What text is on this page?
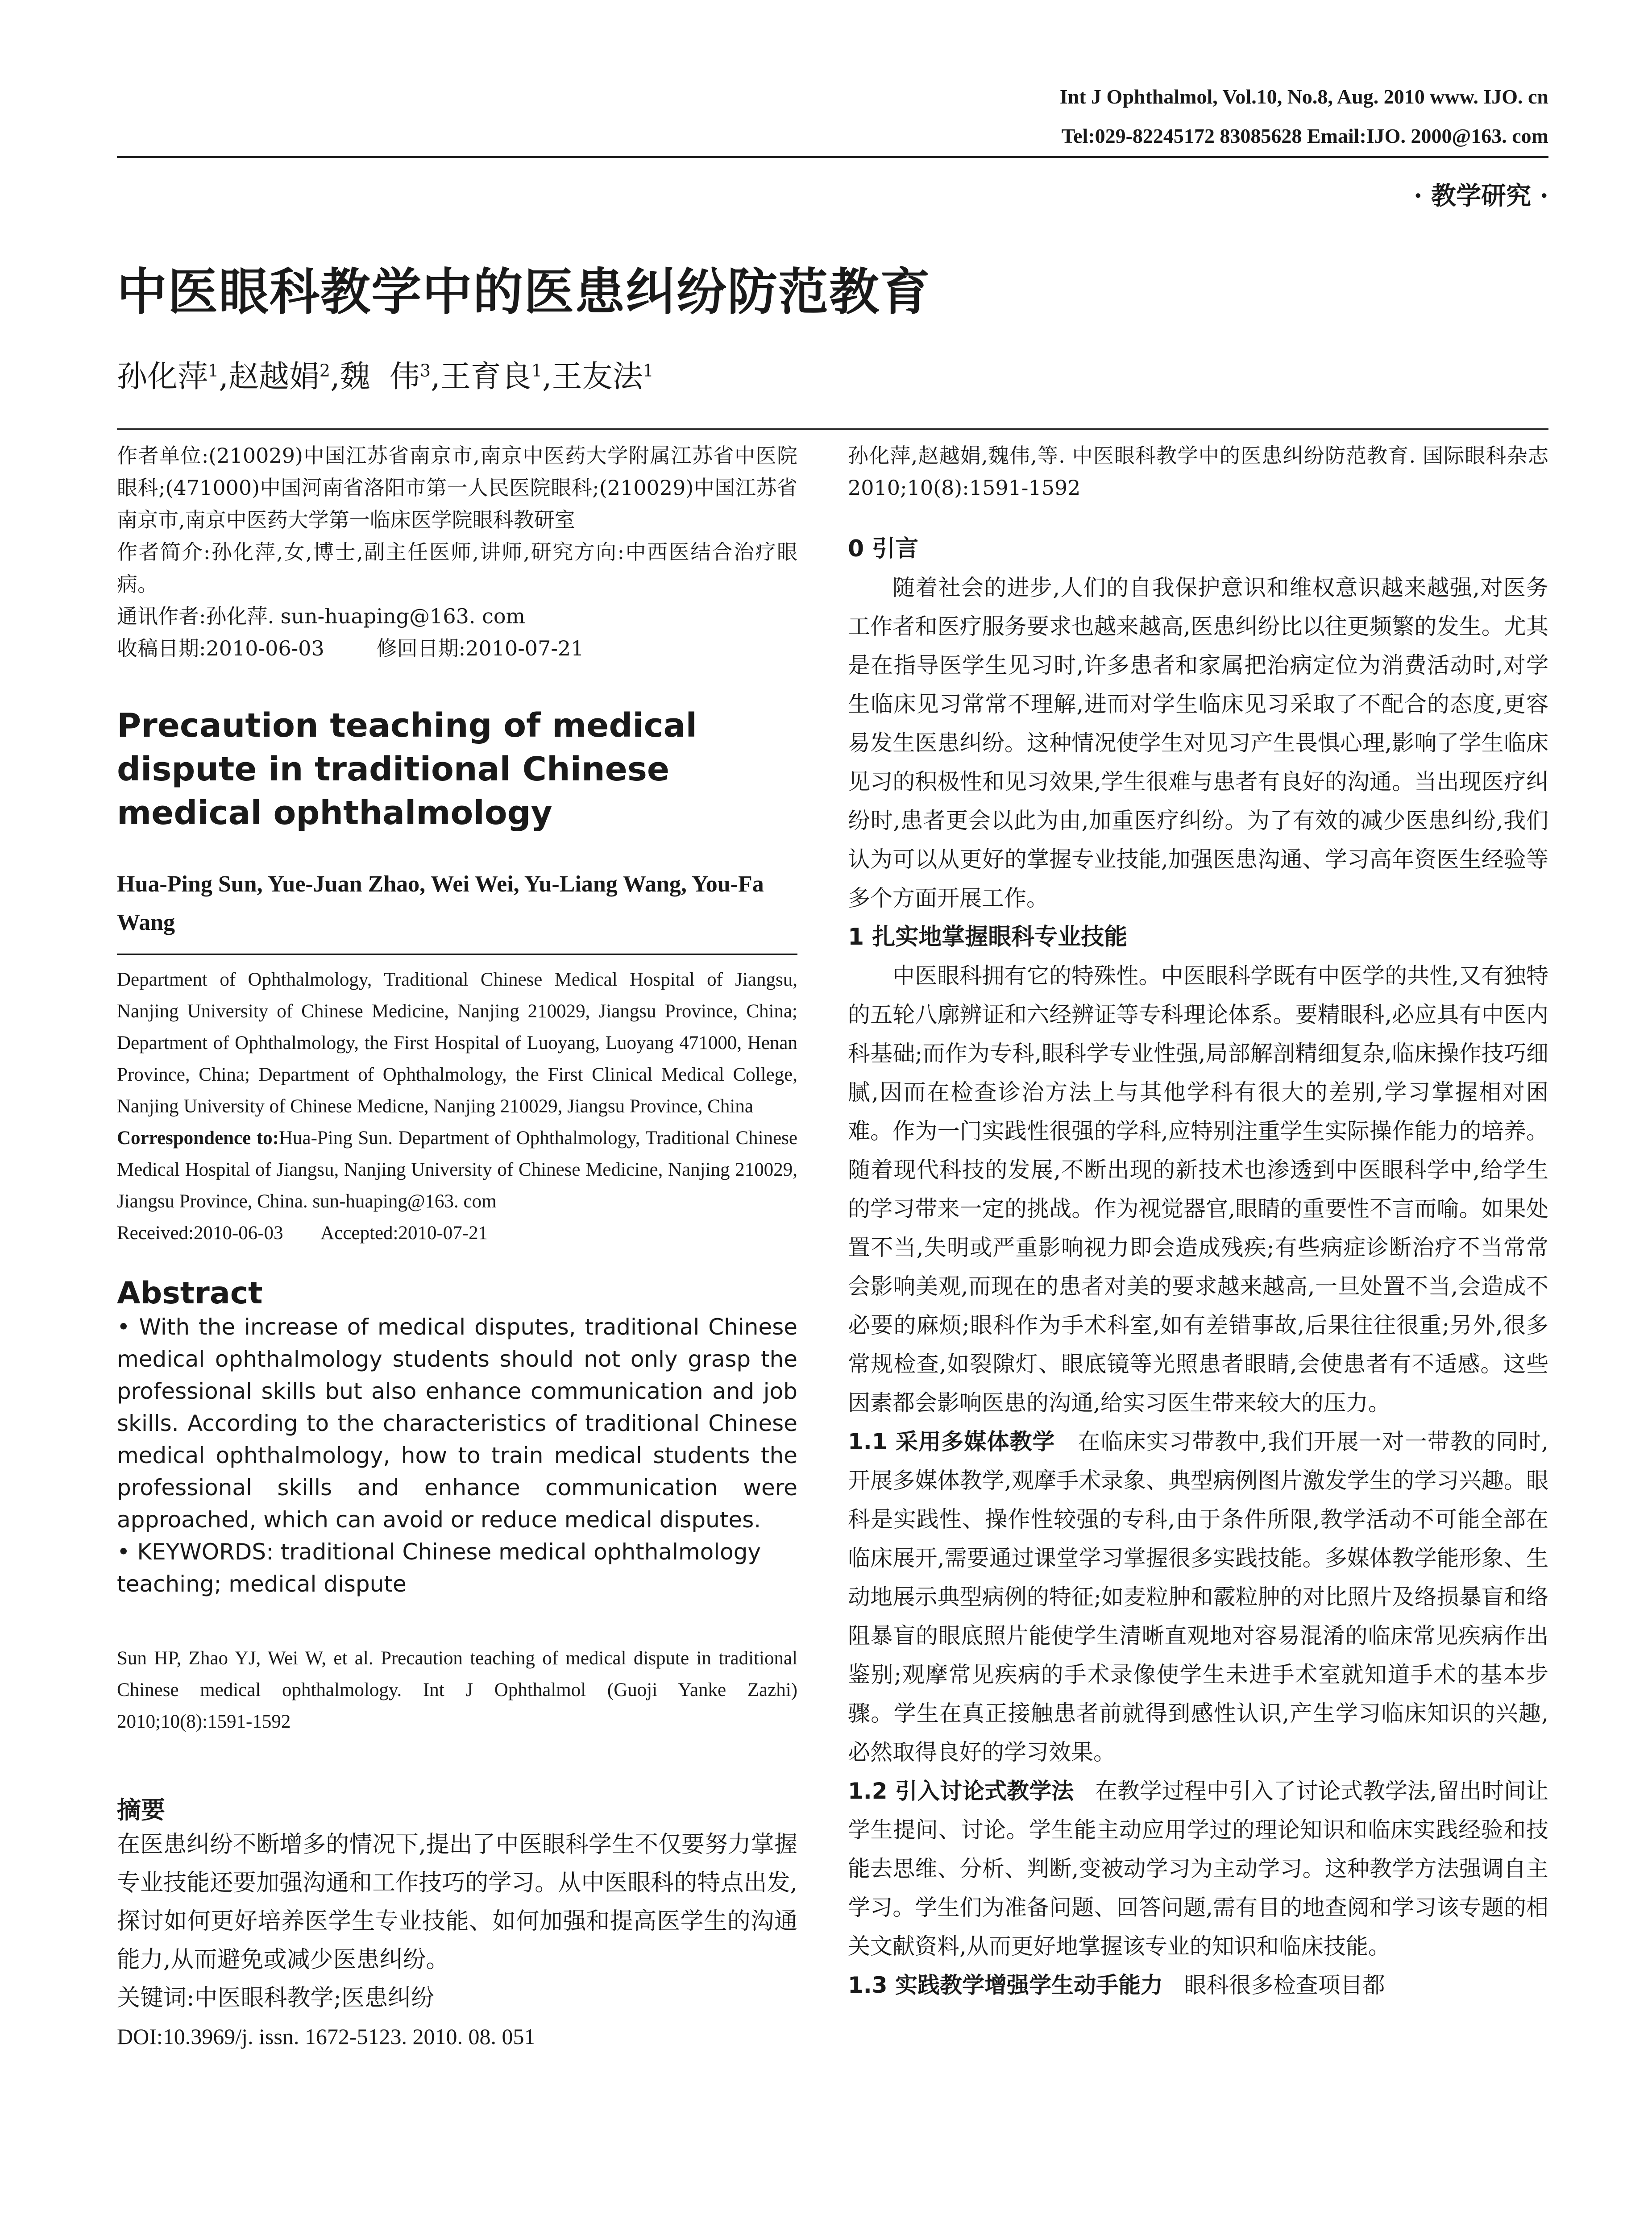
Int J Ophthalmol, Vol.10, No.8, Aug. 2010 www. IJO. cn
Tel:029-82245172 83085628 Email:IJO. 2000@163. com
· 教学研究 ·
中医眼科教学中的医患纠纷防范教育
孙化萍$^1$,赵越娟$^2$,魏  伟$^3$,王育良$^1$,王友法$^1$
作者单位:(210029)中国江苏省南京市,南京中医药大学附属江苏省中医院眼科;(471000)中国河南省洛阳市第一人民医院眼科;(210029)中国江苏省南京市,南京中医药大学第一临床医学院眼科教研室
作者简介:孙化萍,女,博士,副主任医师,讲师,研究方向:中西医结合治疗眼病。
通讯作者:孙化萍. sun-huaping@163. com
收稿日期:2010-06-03        修回日期:2010-07-21
Precaution teaching of medical dispute in traditional Chinese medical ophthalmology
Hua-Ping Sun, Yue-Juan Zhao, Wei Wei, Yu-Liang Wang, You-Fa Wang
Department of Ophthalmology, Traditional Chinese Medical Hospital of Jiangsu, Nanjing University of Chinese Medicine, Nanjing 210029, Jiangsu Province, China; Department of Ophthalmology, the First Hospital of Luoyang, Luoyang 471000, Henan Province, China; Department of Ophthalmology, the First Clinical Medical College, Nanjing University of Chinese Medicne, Nanjing 210029, Jiangsu Province, China
Correspondence to:Hua-Ping Sun. Department of Ophthalmology, Traditional Chinese Medical Hospital of Jiangsu, Nanjing University of Chinese Medicine, Nanjing 210029, Jiangsu Province, China. sun-huaping@163. com
Received:2010-06-03        Accepted:2010-07-21
Abstract
• With the increase of medical disputes, traditional Chinese medical ophthalmology students should not only grasp the professional skills but also enhance communication and job skills. According to the characteristics of traditional Chinese medical ophthalmology, how to train medical students the professional skills and enhance communication were approached, which can avoid or reduce medical disputes.
• KEYWORDS: traditional Chinese medical ophthalmology teaching; medical dispute
Sun HP, Zhao YJ, Wei W, et al. Precaution teaching of medical dispute in traditional Chinese medical ophthalmology. Int J Ophthalmol (Guoji Yanke Zazhi) 2010;10(8):1591-1592
摘要
在医患纠纷不断增多的情况下,提出了中医眼科学生不仅要努力掌握专业技能还要加强沟通和工作技巧的学习。从中医眼科的特点出发,探讨如何更好培养医学生专业技能、如何加强和提高医学生的沟通能力,从而避免或减少医患纠纷。
关键词:中医眼科教学;医患纠纷
DOI:10.3969/j. issn. 1672-5123. 2010. 08. 051
孙化萍,赵越娟,魏伟,等. 中医眼科教学中的医患纠纷防范教育. 国际眼科杂志 2010;10(8):1591-1592

0 引言

随着社会的进步,人们的自我保护意识和维权意识越来越强,对医务工作者和医疗服务要求也越来越高,医患纠纷比以往更频繁的发生。尤其是在指导医学生见习时,许多患者和家属把治病定位为消费活动时,对学生临床见习常常不理解,进而对学生临床见习采取了不配合的态度,更容易发生医患纠纷。这种情况使学生对见习产生畏惧心理,影响了学生临床见习的积极性和见习效果,学生很难与患者有良好的沟通。当出现医疗纠纷时,患者更会以此为由,加重医疗纠纷。为了有效的减少医患纠纷,我们认为可以从更好的掌握专业技能,加强医患沟通、学习高年资医生经验等多个方面开展工作。

1 扎实地掌握眼科专业技能

中医眼科拥有它的特殊性。中医眼科学既有中医学的共性,又有独特的五轮八廓辨证和六经辨证等专科理论体系。要精眼科,必应具有中医内科基础;而作为专科,眼科学专业性强,局部解剖精细复杂,临床操作技巧细腻,因而在检查诊治方法上与其他学科有很大的差别,学习掌握相对困难。作为一门实践性很强的学科,应特别注重学生实际操作能力的培养。随着现代科技的发展,不断出现的新技术也渗透到中医眼科学中,给学生的学习带来一定的挑战。作为视觉器官,眼睛的重要性不言而喻。如果处置不当,失明或严重影响视力即会造成残疾;有些病症诊断治疗不当常常会影响美观,而现在的患者对美的要求越来越高,一旦处置不当,会造成不必要的麻烦;眼科作为手术科室,如有差错事故,后果往往很重;另外,很多常规检查,如裂隙灯、眼底镜等光照患者眼睛,会使患者有不适感。这些因素都会影响医患的沟通,给实习医生带来较大的压力。

1.1 采用多媒体教学 在临床实习带教中,我们开展一对一带教的同时,开展多媒体教学,观摩手术录象、典型病例图片激发学生的学习兴趣。眼科是实践性、操作性较强的专科,由于条件所限,教学活动不可能全部在临床展开,需要通过课堂学习掌握很多实践技能。多媒体教学能形象、生动地展示典型病例的特征;如麦粒肿和霰粒肿的对比照片及络损暴盲和络阻暴盲的眼底照片能使学生清晰直观地对容易混淆的临床常见疾病作出鉴别;观摩常见疾病的手术录像使学生未进手术室就知道手术的基本步骤。学生在真正接触患者前就得到感性认识,产生学习临床知识的兴趣,必然取得良好的学习效果。

1.2 引入讨论式教学法 在教学过程中引入了讨论式教学法,留出时间让学生提问、讨论。学生能主动应用学过的理论知识和临床实践经验和技能去思维、分析、判断,变被动学习为主动学习。这种教学方法强调自主学习。学生们为准备问题、回答问题,需有目的地查阅和学习该专题的相关文献资料,从而更好地掌握该专业的知识和临床技能。

1.3 实践教学增强学生动手能力 眼科很多检查项目都
